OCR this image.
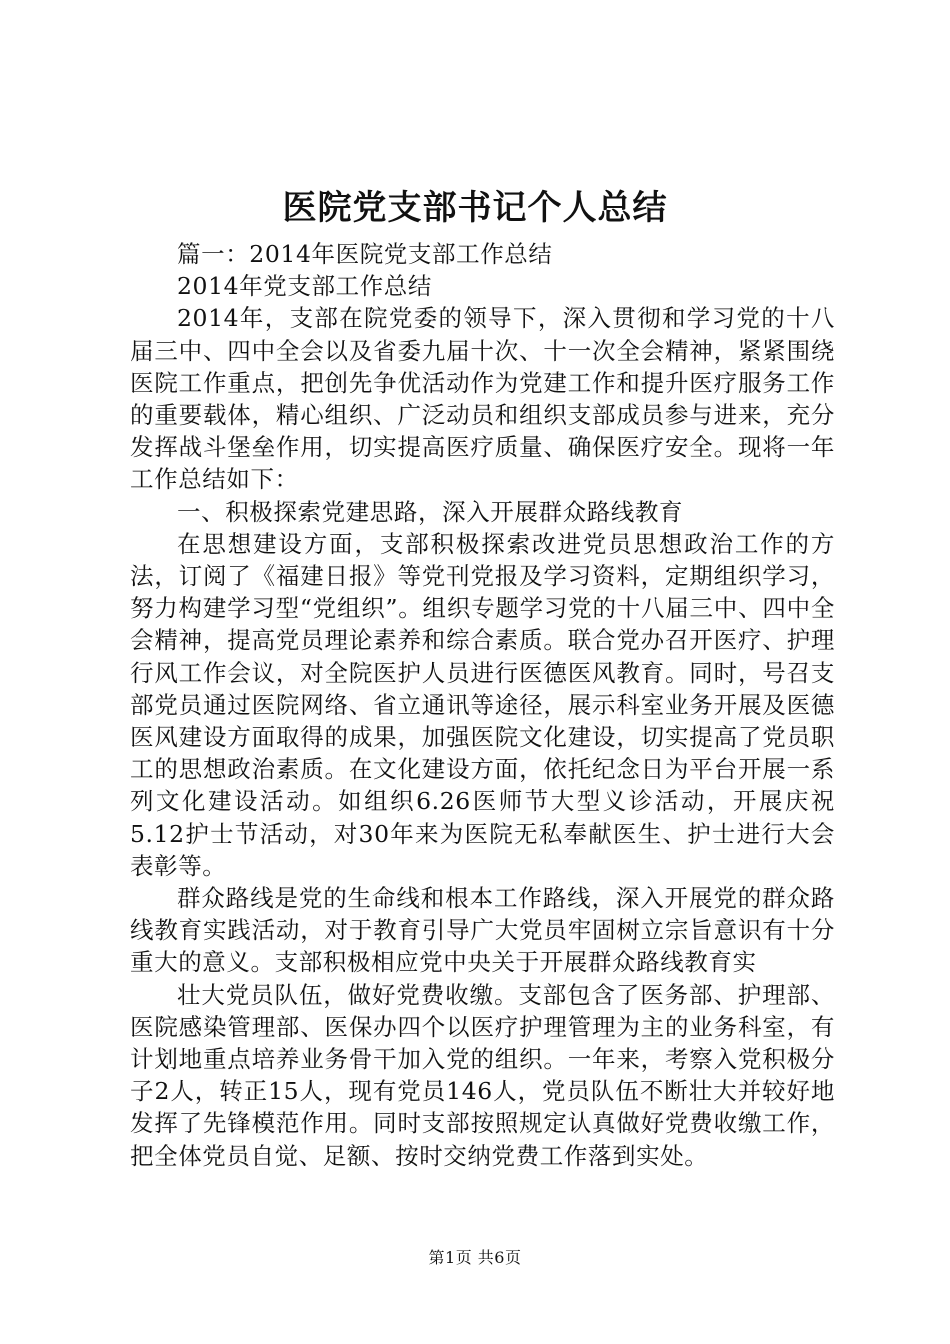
医院党支部书记个人总结

篇一：2014年医院党支部工作总结

2014年党支部工作总结

2014年，支部在院党委的领导下，深入贯彻和学习党的十八届三中、四中全会以及省委九届十次、十一次全会精神，紧紧围绕医院工作重点，把创先争优活动作为党建工作和提升医疗服务工作的重要载体，精心组织、广泛动员和组织支部成员参与进来，充分发挥战斗堡垒作用，切实提高医疗质量、确保医疗安全。现将一年工作总结如下：

一、积极探索党建思路，深入开展群众路线教育

在思想建设方面，支部积极探索改进党员思想政治工作的方法，订阅了《福建日报》等党刊党报及学习资料，定期组织学习，努力构建学习型“党组织”。组织专题学习党的十八届三中、四中全会精神，提高党员理论素养和综合素质。联合党办召开医疗、护理行风工作会议，对全院医护人员进行医德医风教育。同时，号召支部党员通过医院网络、省立通讯等途径，展示科室业务开展及医德医风建设方面取得的成果，加强医院文化建设，切实提高了党员职工的思想政治素质。在文化建设方面，依托纪念日为平台开展一系列文化建设活动。如组织6.26医师节大型义诊活动，开展庆祝5.12护士节活动，对30年来为医院无私奉献医生、护士进行大会表彰等。

群众路线是党的生命线和根本工作路线，深入开展党的群众路线教育实践活动，对于教育引导广大党员牢固树立宗旨意识有十分重大的意义。支部积极相应党中央关于开展群众路线教育实

壮大党员队伍，做好党费收缴。支部包含了医务部、护理部、医院感染管理部、医保办四个以医疗护理管理为主的业务科室，有计划地重点培养业务骨干加入党的组织。一年来，考察入党积极分子2人，转正15人，现有党员146人，党员队伍不断壮大并较好地发挥了先锋模范作用。同时支部按照规定认真做好党费收缴工作，把全体党员自觉、足额、按时交纳党费工作落到实处。

第1页 共6页
